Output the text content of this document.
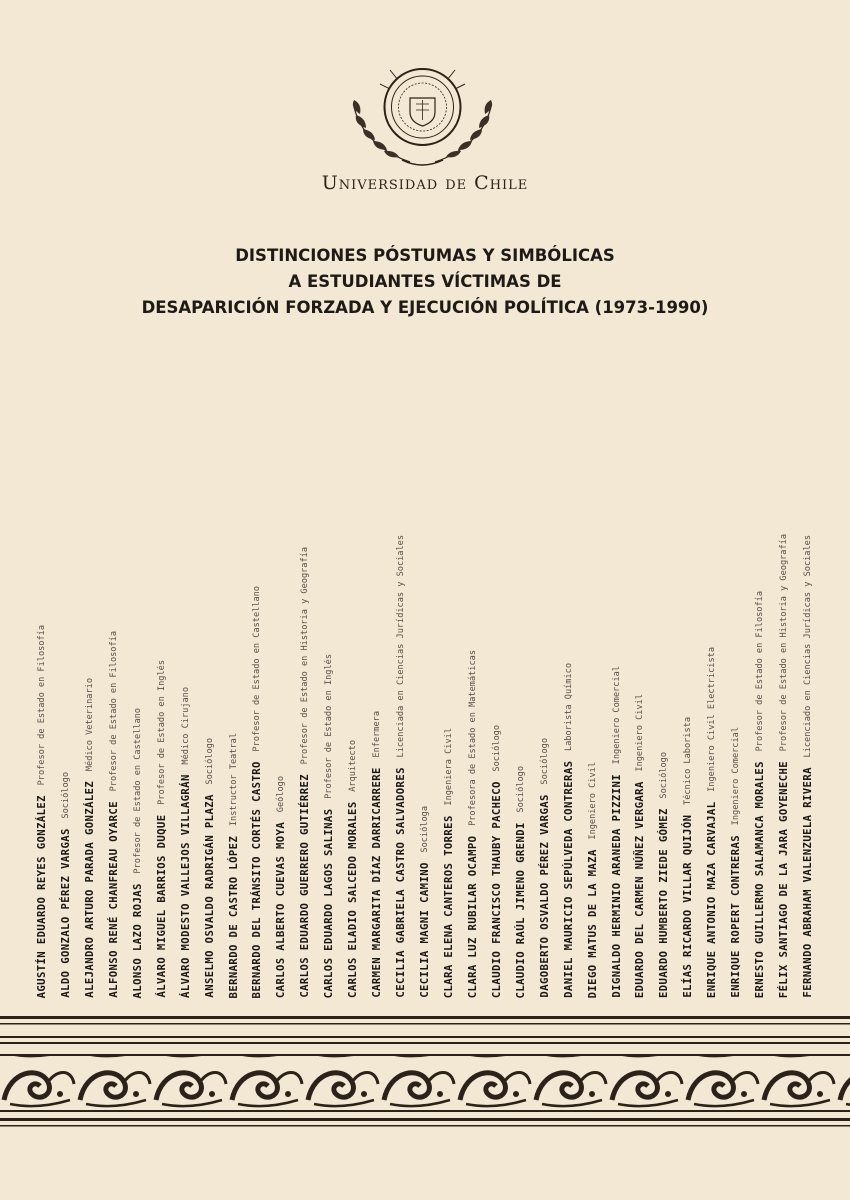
Universidad de Chile
DISTINCIONES PÓSTUMAS Y SIMBÓLICAS
A ESTUDIANTES VÍCTIMAS DE
DESAPARICIÓN FORZADA Y EJECUCIÓN POLÍTICA (1973-1990)
AGUSTÍN EDUARDO REYES GONZÁLEZ Profesor de Estado en Filosofía
ALDO GONZALO PÉREZ VARGAS Sociólogo ALEJANDRO ARTURO PARADA GONZÁLEZ Médico Veterinario
ALFONSO RENÉ CHANFREAU OYARCE Profesor de Estado en Filosofía
ALONSO LAZO ROJAS Profesor de Estado en Castellano
ÁLVARO MIGUEL BARRIOS DUQUE Profesor de Estado en Inglés
ÁLVARO MODESTO VALLEJOS VILLAGRÁN Médico Cirujano
ANSELMO OSVALDO RADRIGÁN PLAZA Sociólogo
BERNARDO DE CASTRO LÓPEZ Instructor Teatral BERNARDO DEL TRÁNSITO CORTÉS CASTRO Profesor de Estado en Castellano
CARLOS ALBERTO CUEVAS MOYA Geólogo CARLOS EDUARDO GUERRERO GUTIÉRREZ Profesor de Estado en Historia y Geografía
CARLOS EDUARDO LAGOS SALINAS Profesor de Estado en Inglés
CARLOS ELADIO SALCEDO MORALES Arquitecto
CARMEN MARGARITA DÍAZ DARRICARRERE Enfermera
CECILIA GABRIELA CASTRO SALVADORES Licenciada en Ciencias Jurídicas y Sociales
CECILIA MAGNI CAMINO Socióloga CLARA ELENA CANTEROS TORRES Ingeniera Civil
CLARA LUZ RUBILAR OCAMPO Profesora de Estado en Matemáticas
CLAUDIO FRANCISCO THAUBY PACHECO Sociólogo
CLAUDIO RAÚL JIMENO GRENDI Sociólogo
DAGOBERTO OSVALDO PÉREZ VARGAS Sociólogo DANIEL MAURICIO SEPÚLVEDA CONTRERAS Laborista Químico
DIEGO MATUS DE LA MAZA Ingeniero Civil DIGNALDO HERMINIO ARANEDA PIZZINI Ingeniero Comercial
EDUARDO DEL CARMEN NÚÑEZ VERGARA Ingeniero Civil
EDUARDO HUMBERTO ZIEDE GÓMEZ Sociólogo
ELÍAS RICARDO VILLAR QUIJÓN Técnico Laborista
ENRIQUE ANTONIO MAZA CARVAJAL Ingeniero Civil Electricista
ENRIQUE ROPERT CONTRERAS Ingeniero Comercial ERNESTO GUILLERMO SALAMANCA MORALES Profesor de Estado en Filosofía
FÉLIX SANTIAGO DE LA JARA GOYENECHE Profesor de Estado en Historia y Geografía
FERNANDO ABRAHAM VALENZUELA RIVERA Licenciado en Ciencias Jurídicas y Sociales
